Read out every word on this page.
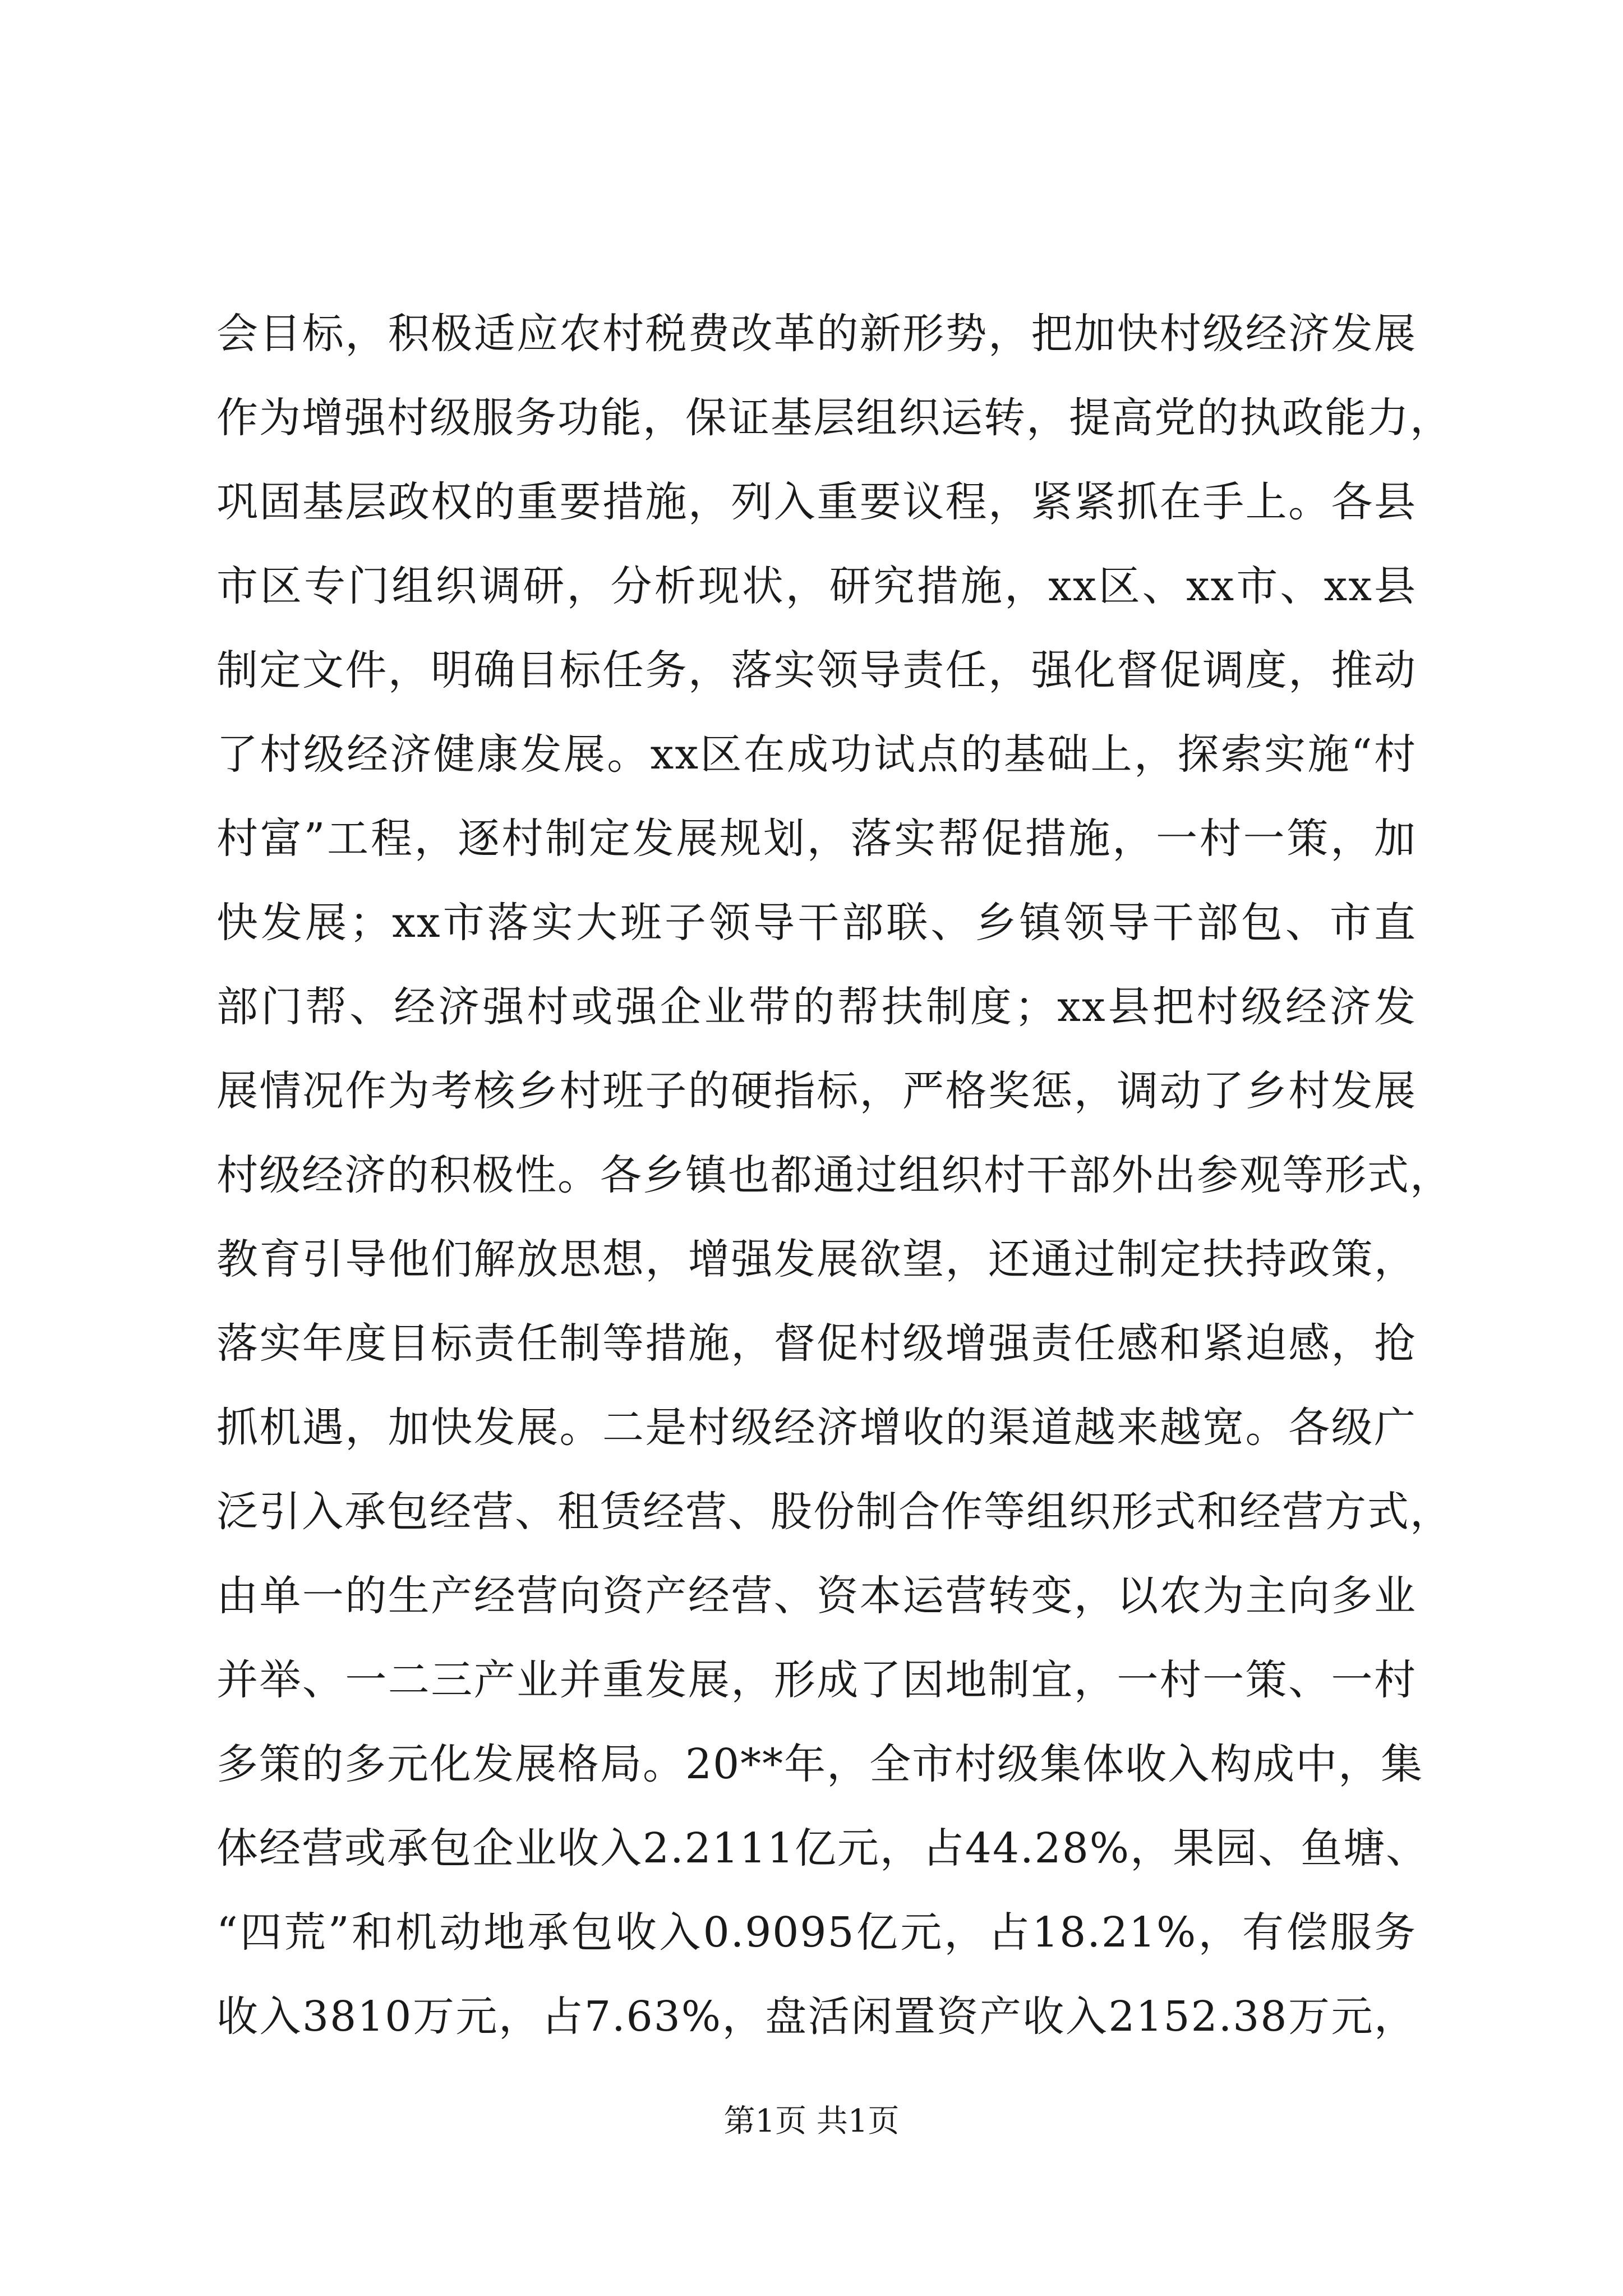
会目标，积极适应农村税费改革的新形势，把加快村级经济发展
作为增强村级服务功能，保证基层组织运转，提高党的执政能力，
巩固基层政权的重要措施，列入重要议程，紧紧抓在手上。各县
市区专门组织调研，分析现状，研究措施，xx区、xx市、xx县
制定文件，明确目标任务，落实领导责任，强化督促调度，推动
了村级经济健康发展。xx区在成功试点的基础上，探索实施“村
村富”工程，逐村制定发展规划，落实帮促措施，一村一策，加
快发展；xx市落实大班子领导干部联、乡镇领导干部包、市直
部门帮、经济强村或强企业带的帮扶制度；xx县把村级经济发
展情况作为考核乡村班子的硬指标，严格奖惩，调动了乡村发展
村级经济的积极性。各乡镇也都通过组织村干部外出参观等形式，
教育引导他们解放思想，增强发展欲望，还通过制定扶持政策，
落实年度目标责任制等措施，督促村级增强责任感和紧迫感，抢
抓机遇，加快发展。二是村级经济增收的渠道越来越宽。各级广
泛引入承包经营、租赁经营、股份制合作等组织形式和经营方式，
由单一的生产经营向资产经营、资本运营转变，以农为主向多业
并举、一二三产业并重发展，形成了因地制宜，一村一策、一村
多策的多元化发展格局。20**年，全市村级集体收入构成中，集
体经营或承包企业收入2.2111亿元，占44.28%，果园、鱼塘、
“四荒”和机动地承包收入0.9095亿元，占18.21%，有偿服务
收入3810万元，占7.63%，盘活闲置资产收入2152.38万元，
第1页 共1页
